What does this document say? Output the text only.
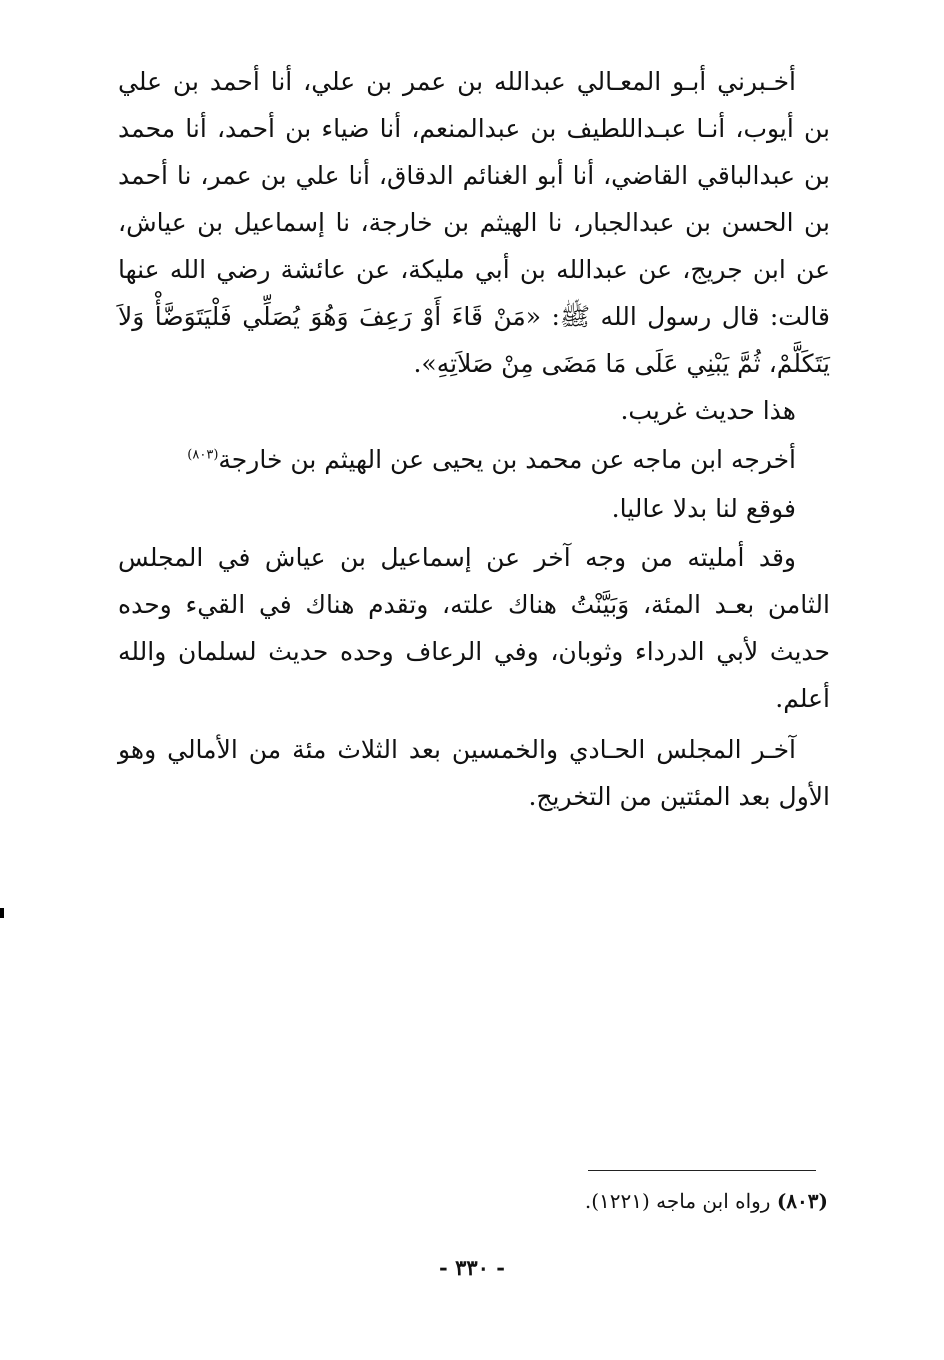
أخـبرني أبـو المعـالي عبدالله بن عمر بن علي، أنا أحمد بن علي بن أيوب، أنـا عبـداللطيف بن عبدالمنعم، أنا ضياء بن أحمد، أنا محمد بن عبدالباقي القاضي، أنا أبو الغنائم الدقاق، أنا علي بن عمر، نا أحمد بن الحسن بن عبدالجبار، نا الهيثم بن خارجة، نا إسماعيل بن عياش، عن ابن جريج، عن عبدالله بن أبي مليكة، عن عائشة رضي الله عنها قالت: قال رسول الله ﷺ: «مَنْ قَاءَ أَوْ رَعِفَ وَهُوَ يُصَلِّي فَلْيَتَوَضَّأْ وَلاَ يَتَكَلَّمْ، ثُمَّ يَبْنِي عَلَى مَا مَضَى مِنْ صَلاَتِهِ».

هذا حديث غريب.

أخرجه ابن ماجه عن محمد بن يحيى عن الهيثم بن خارجة$^{(٨٠٣)}$

فوقع لنا بدلا عاليا.

وقد أمليته من وجه آخر عن إسماعيل بن عياش في المجلس الثامن بعـد المئة، وَبَيَّنْتُ هناك علته، وتقدم هناك في القيء وحده حديث لأبي الدرداء وثوبان، وفي الرعاف وحده حديث لسلمان والله أعلم.

آخـر المجلس الحـادي والخمسين بعد الثلاث مئة من الأمالي وهو الأول بعد المئتين من التخريج.

(٨٠٣) رواه ابن ماجه (١٢٢١).
- ٣٣٠ -
